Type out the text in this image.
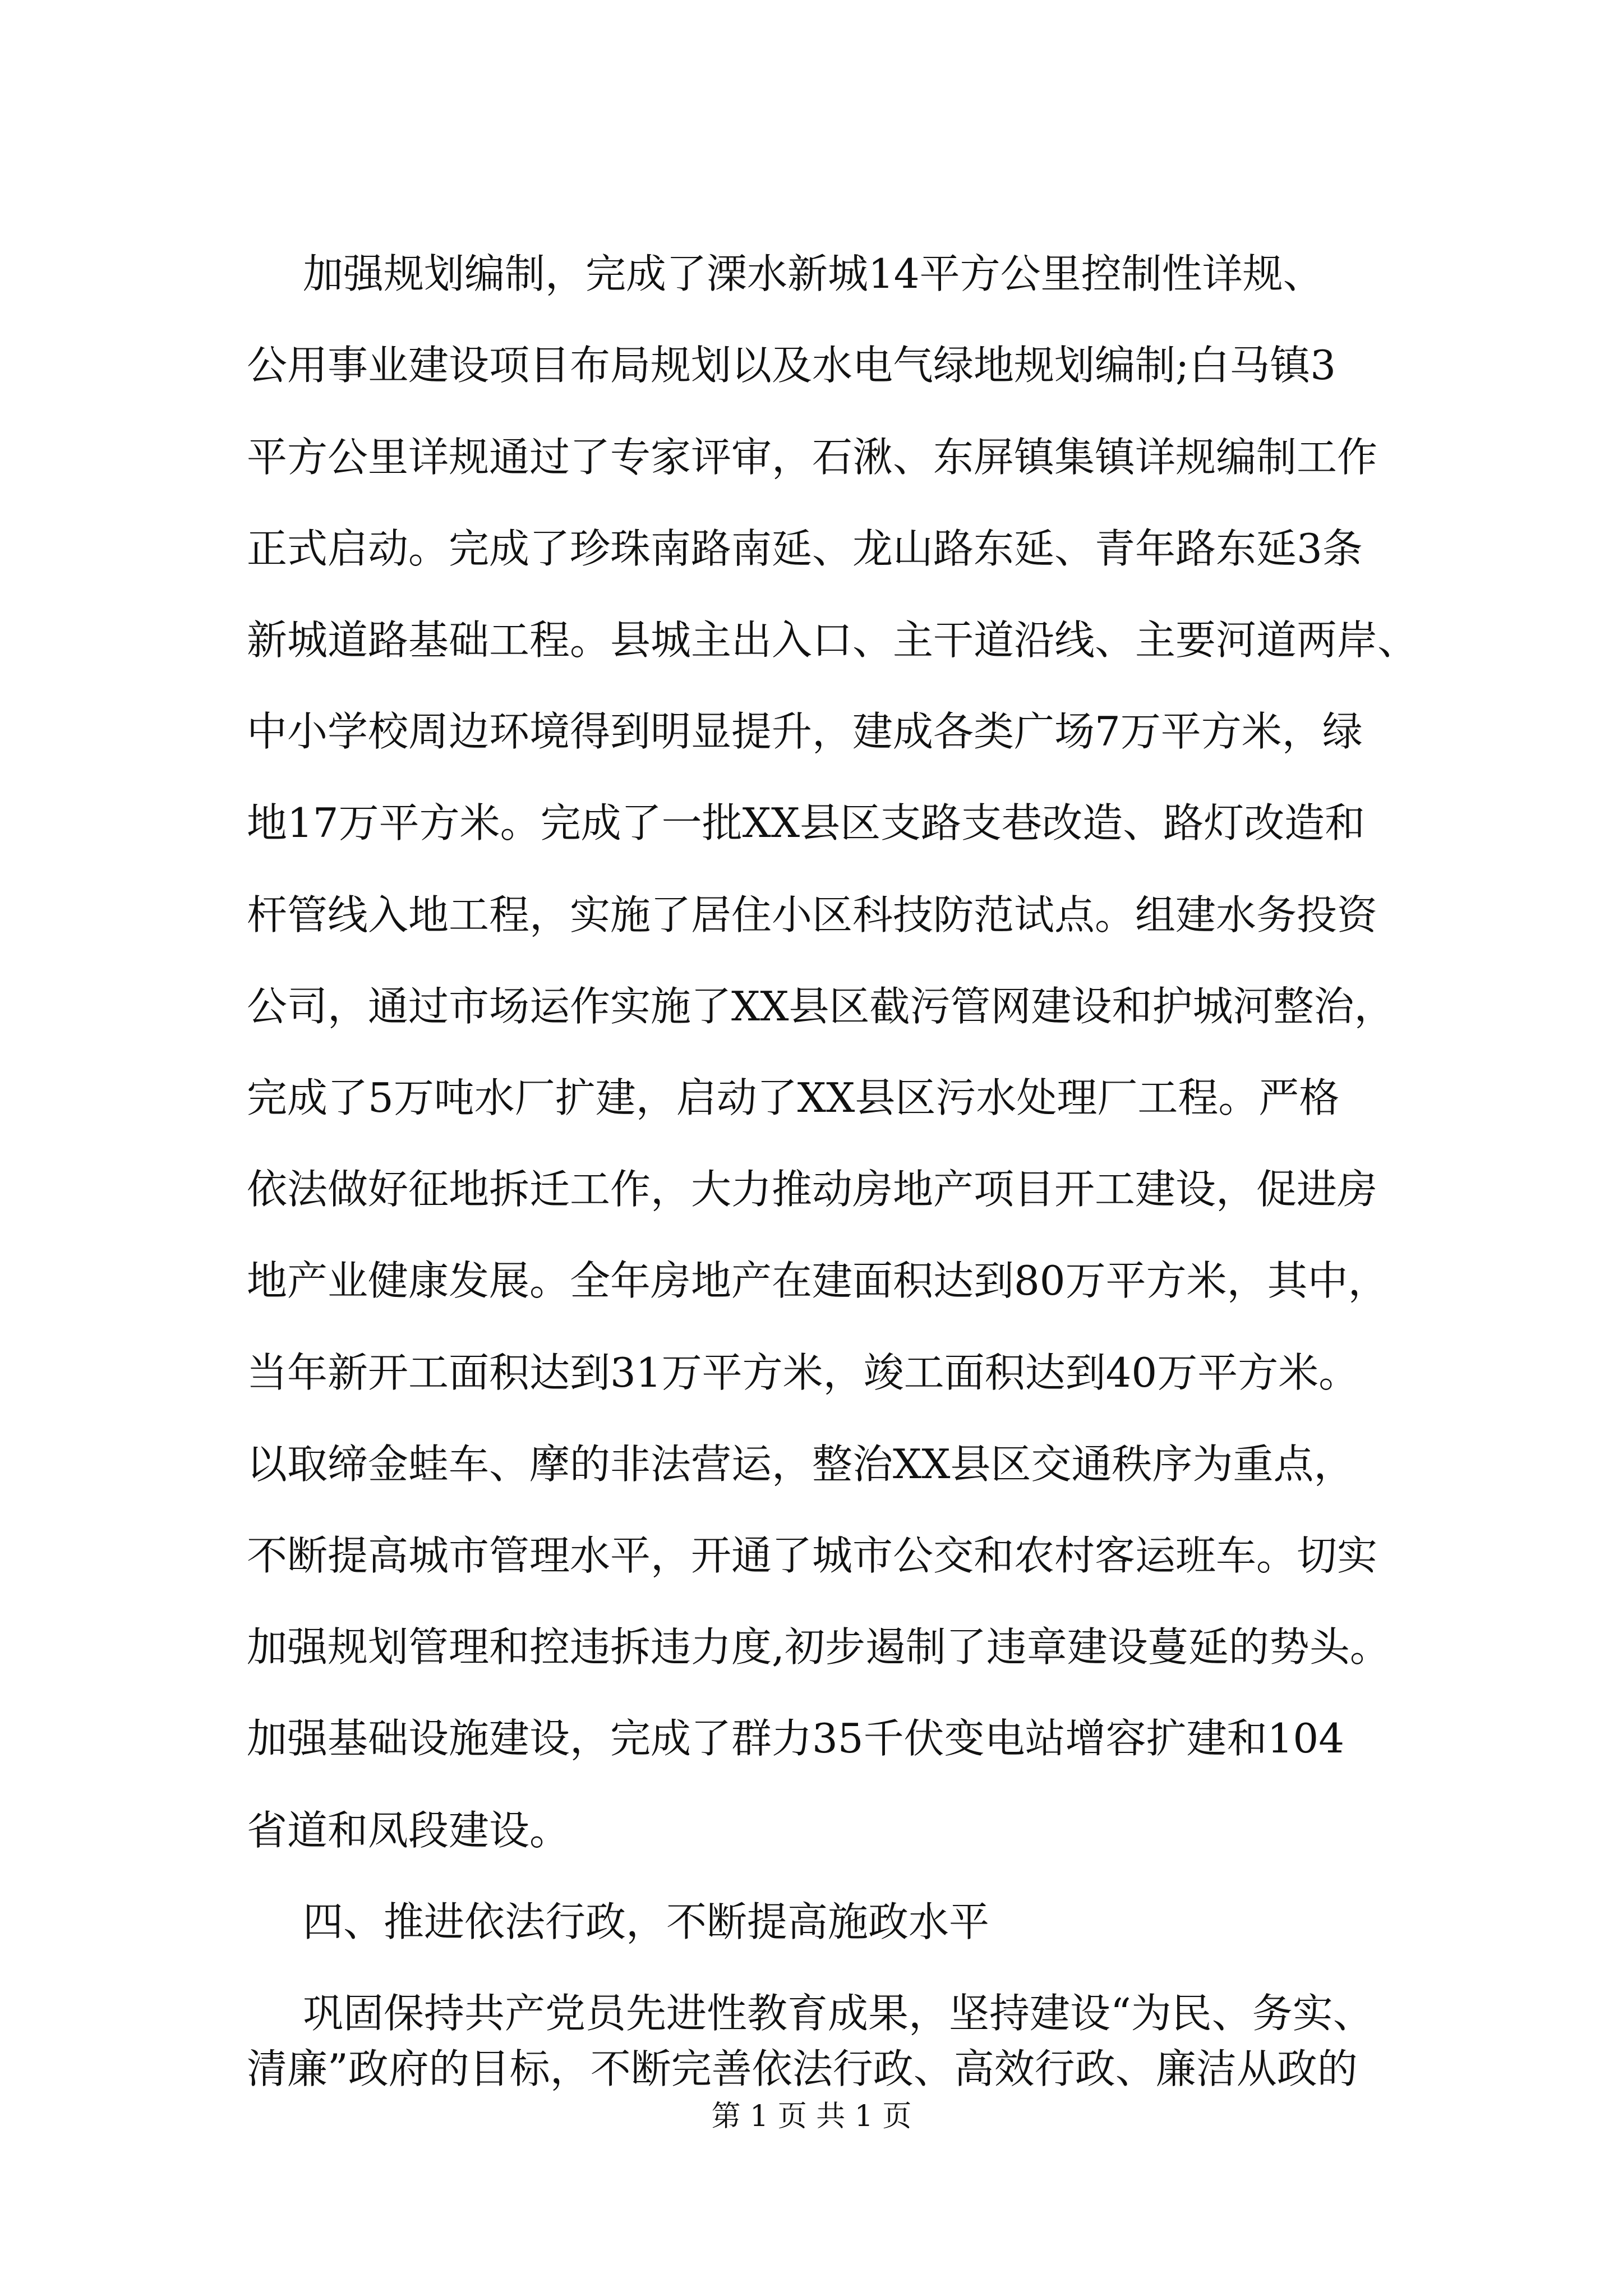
加强规划编制，完成了溧水新城14平方公里控制性详规、
公用事业建设项目布局规划以及水电气绿地规划编制;白马镇3
平方公里详规通过了专家评审，石湫、东屏镇集镇详规编制工作
正式启动。完成了珍珠南路南延、龙山路东延、青年路东延3条
新城道路基础工程。县城主出入口、主干道沿线、主要河道两岸、
中小学校周边环境得到明显提升，建成各类广场7万平方米，绿
地17万平方米。完成了一批XX县区支路支巷改造、路灯改造和
杆管线入地工程，实施了居住小区科技防范试点。组建水务投资
公司，通过市场运作实施了XX县区截污管网建设和护城河整治，
完成了5万吨水厂扩建，启动了XX县区污水处理厂工程。严格
依法做好征地拆迁工作，大力推动房地产项目开工建设，促进房
地产业健康发展。全年房地产在建面积达到80万平方米，其中，
当年新开工面积达到31万平方米，竣工面积达到40万平方米。
以取缔金蛙车、摩的非法营运，整治XX县区交通秩序为重点，
不断提高城市管理水平，开通了城市公交和农村客运班车。切实
加强规划管理和控违拆违力度,初步遏制了违章建设蔓延的势头。
加强基础设施建设，完成了群力35千伏变电站增容扩建和104
省道和凤段建设。
四、推进依法行政，不断提高施政水平
巩固保持共产党员先进性教育成果，坚持建设“为民、务实、
清廉”政府的目标，不断完善依法行政、高效行政、廉洁从政的
第 1 页 共 1 页
